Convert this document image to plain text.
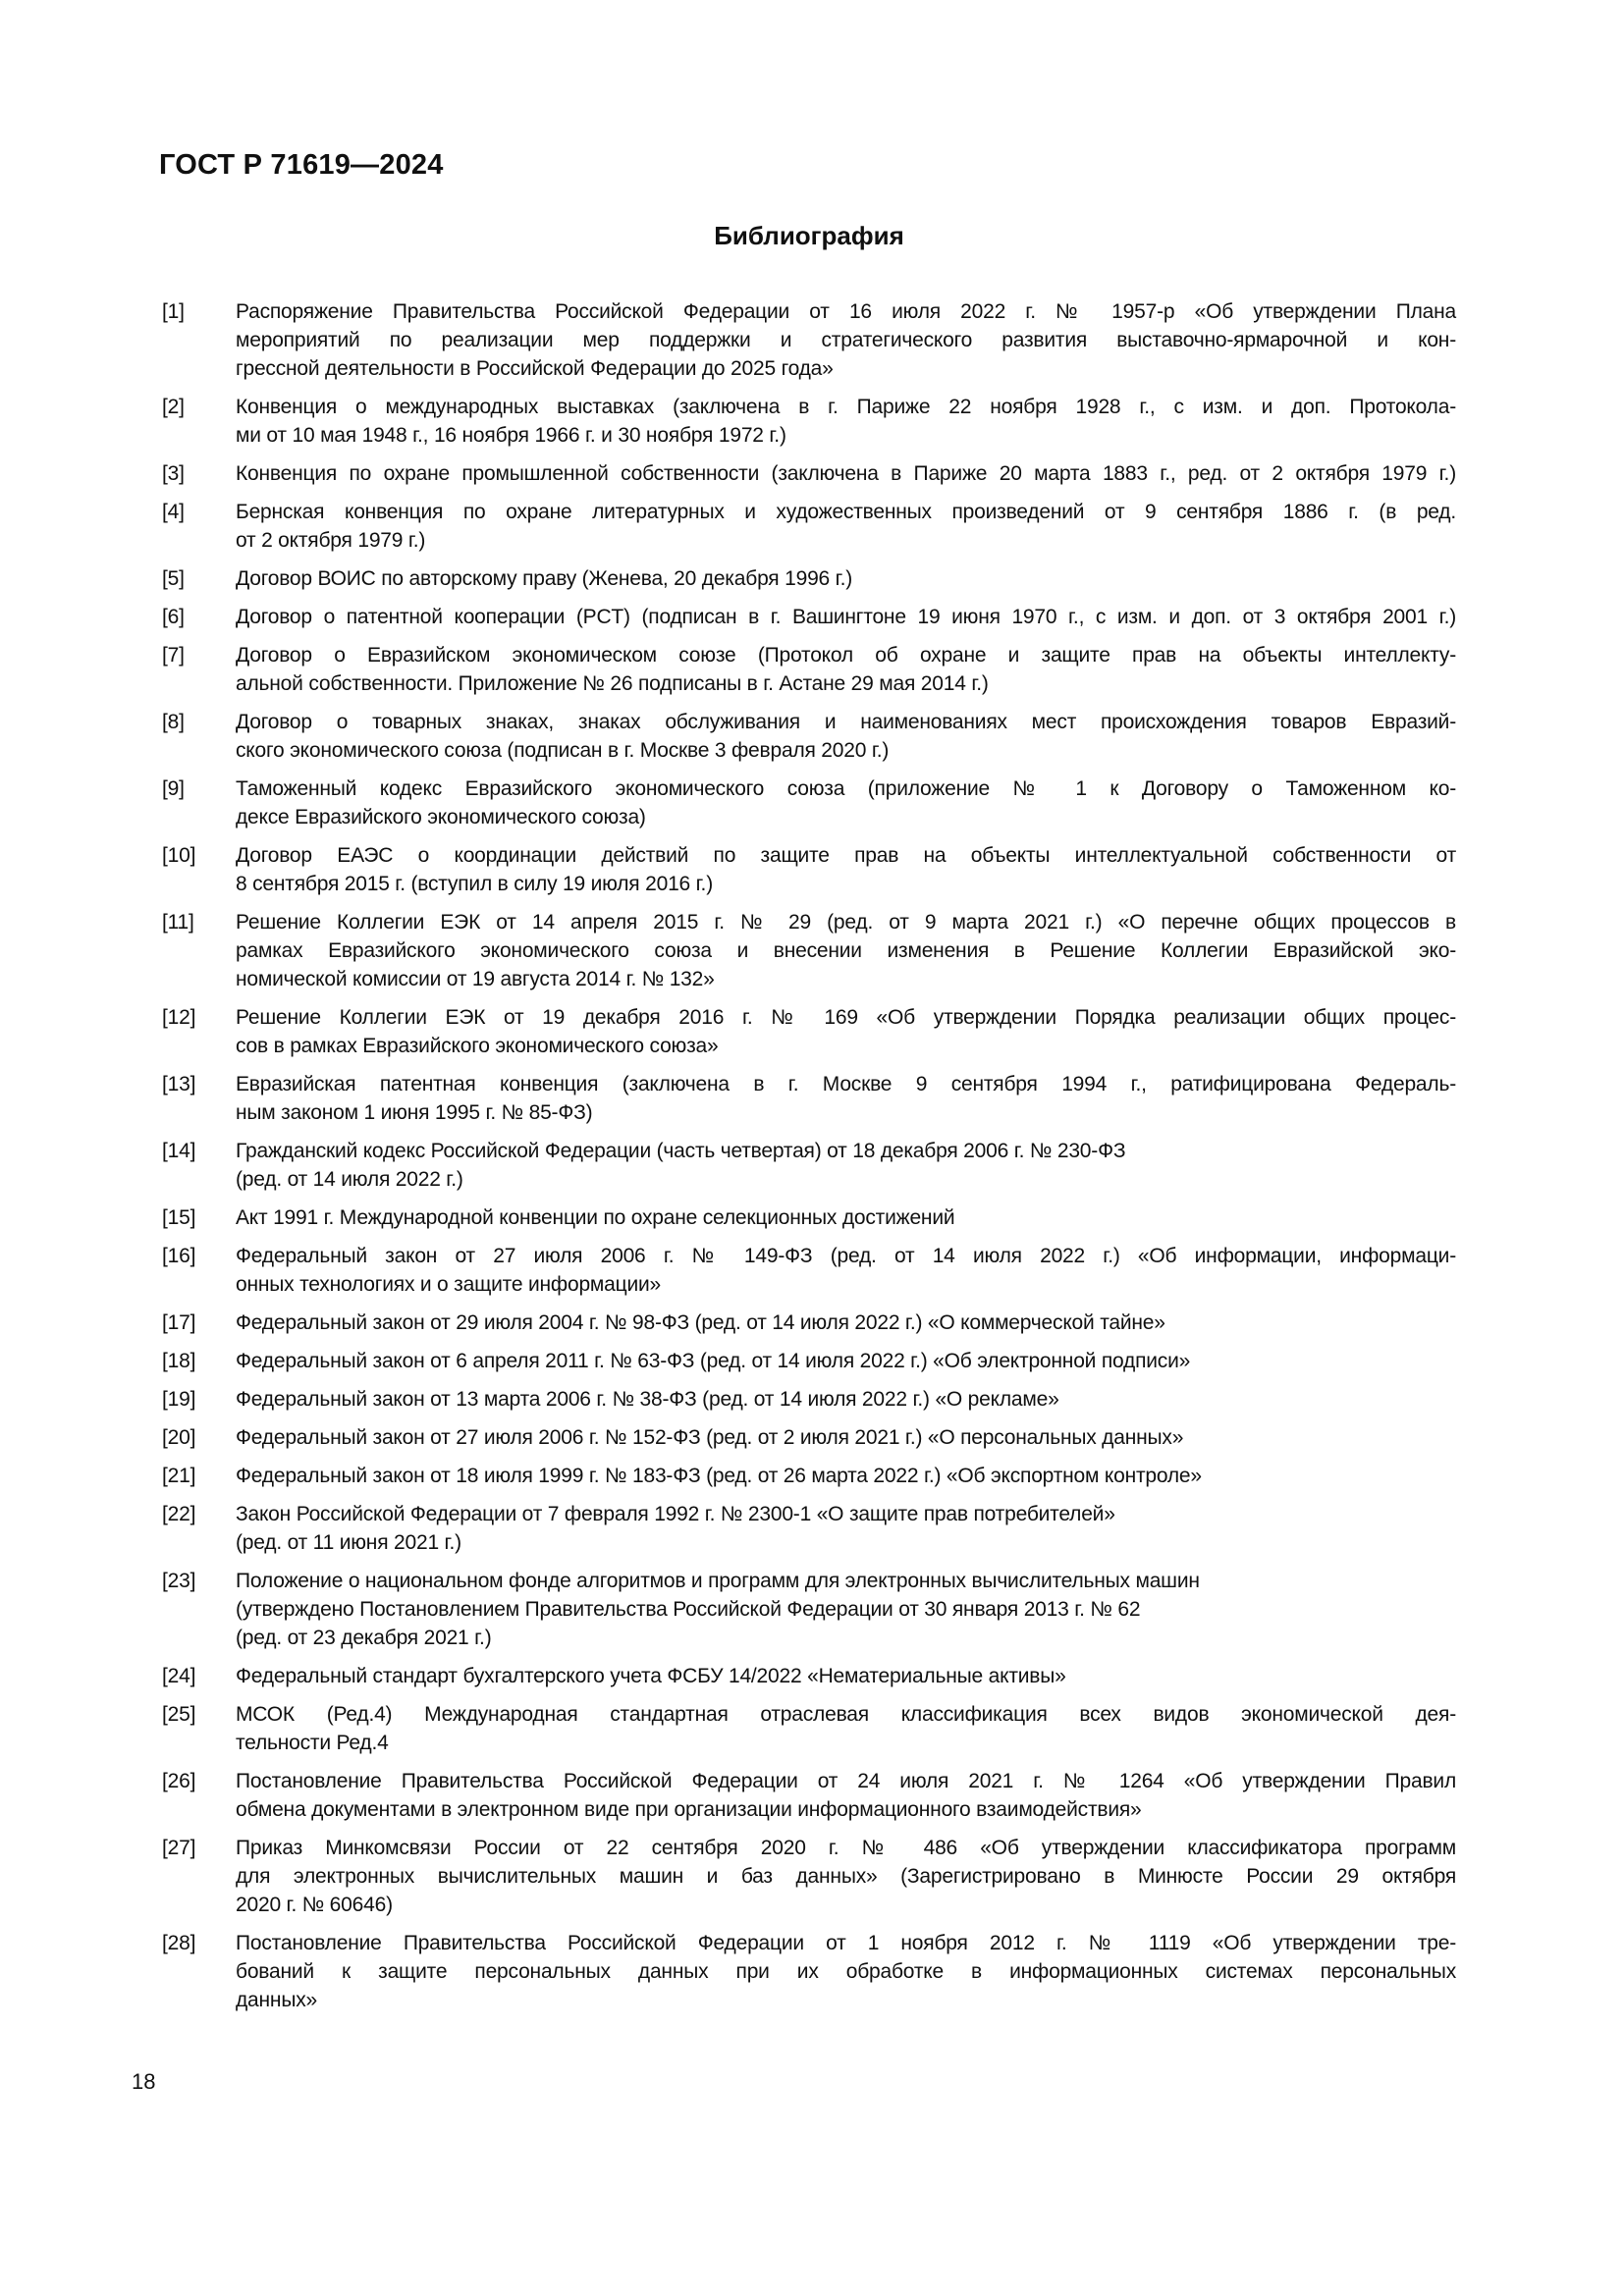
ГОСТ Р 71619—2024
Библиография
[1]	Распоряжение Правительства Российской Федерации от 16 июля 2022 г. № 1957-р «Об утверждении Плана
мероприятий по реализации мер поддержки и стратегического развития выставочно-ярмарочной и кон-
грессной деятельности в Российской Федерации до 2025 года»
[2]	Конвенция о международных выставках (заключена в г. Париже 22 ноября 1928 г., с изм. и доп. Протокола-
ми от 10 мая 1948 г., 16 ноября 1966 г. и 30 ноября 1972 г.)
[3]	Конвенция по охране промышленной собственности (заключена в Париже 20 марта 1883 г., ред. от 2 октября 1979 г.)
[4]	Бернская конвенция по охране литературных и художественных произведений от 9 сентября 1886 г. (в ред.
от 2 октября 1979 г.)
[5]	Договор ВОИС по авторскому праву (Женева, 20 декабря 1996 г.)
[6]	Договор о патентной кооперации (PCT) (подписан в г. Вашингтоне 19 июня 1970 г., с изм. и доп. от 3 октября 2001 г.)
[7]	Договор о Евразийском экономическом союзе (Протокол об охране и защите прав на объекты интеллекту-
альной собственности. Приложение № 26 подписаны в г. Астане 29 мая 2014 г.)
[8]	Договор о товарных знаках, знаках обслуживания и наименованиях мест происхождения товаров Евразий-
ского экономического союза (подписан в г. Москве 3 февраля 2020 г.)
[9]	Таможенный кодекс Евразийского экономического союза (приложение № 1 к Договору о Таможенном ко-
дексе Евразийского экономического союза)
[10]	Договор ЕАЭС о координации действий по защите прав на объекты интеллектуальной собственности от
8 сентября 2015 г. (вступил в силу 19 июля 2016 г.)
[11]	Решение Коллегии ЕЭК от 14 апреля 2015 г. № 29 (ред. от 9 марта 2021 г.) «О перечне общих процессов в
рамках Евразийского экономического союза и внесении изменения в Решение Коллегии Евразийской эко-
номической комиссии от 19 августа 2014 г. № 132»
[12]	Решение Коллегии ЕЭК от 19 декабря 2016 г. № 169 «Об утверждении Порядка реализации общих процес-
сов в рамках Евразийского экономического союза»
[13]	Евразийская патентная конвенция (заключена в г. Москве 9 сентября 1994 г., ратифицирована Федераль-
ным законом 1 июня 1995 г. № 85-ФЗ)
[14]	Гражданский кодекс Российской Федерации (часть четвертая) от 18 декабря 2006 г. № 230-ФЗ
(ред. от 14 июля 2022 г.)
[15]	Акт 1991 г. Международной конвенции по охране селекционных достижений
[16]	Федеральный закон от 27 июля 2006 г. № 149-ФЗ (ред. от 14 июля 2022 г.) «Об информации, информаци-
онных технологиях и о защите информации»
[17]	Федеральный закон от 29 июля 2004 г. № 98-ФЗ (ред. от 14 июля 2022 г.) «О коммерческой тайне»
[18]	Федеральный закон от 6 апреля 2011 г. № 63-ФЗ (ред. от 14 июля 2022 г.) «Об электронной подписи»
[19]	Федеральный закон от 13 марта 2006 г. № 38-ФЗ (ред. от 14 июля 2022 г.) «О рекламе»
[20]	Федеральный закон от 27 июля 2006 г. № 152-ФЗ (ред. от 2 июля 2021 г.) «О персональных данных»
[21]	Федеральный закон от 18 июля 1999 г. № 183-ФЗ (ред. от 26 марта 2022 г.) «Об экспортном контроле»
[22]	Закон Российской Федерации от 7 февраля 1992 г. № 2300-1 «О защите прав потребителей»
(ред. от 11 июня 2021 г.)
[23]	Положение о национальном фонде алгоритмов и программ для электронных вычислительных машин
(утверждено Постановлением Правительства Российской Федерации от 30 января 2013 г. № 62
(ред. от 23 декабря 2021 г.)
[24]	Федеральный стандарт бухгалтерского учета ФСБУ 14/2022 «Нематериальные активы»
[25]	МСОК (Ред.4) Международная стандартная отраслевая классификация всех видов экономической дея-
тельности Ред.4
[26]	Постановление Правительства Российской Федерации от 24 июля 2021 г. № 1264 «Об утверждении Правил
обмена документами в электронном виде при организации информационного взаимодействия»
[27]	Приказ Минкомсвязи России от 22 сентября 2020 г. № 486 «Об утверждении классификатора программ
для электронных вычислительных машин и баз данных» (Зарегистрировано в Минюсте России 29 октября
2020 г. № 60646)
[28]	Постановление Правительства Российской Федерации от 1 ноября 2012 г. № 1119 «Об утверждении тре-
бований к защите персональных данных при их обработке в информационных системах персональных
данных»
18
